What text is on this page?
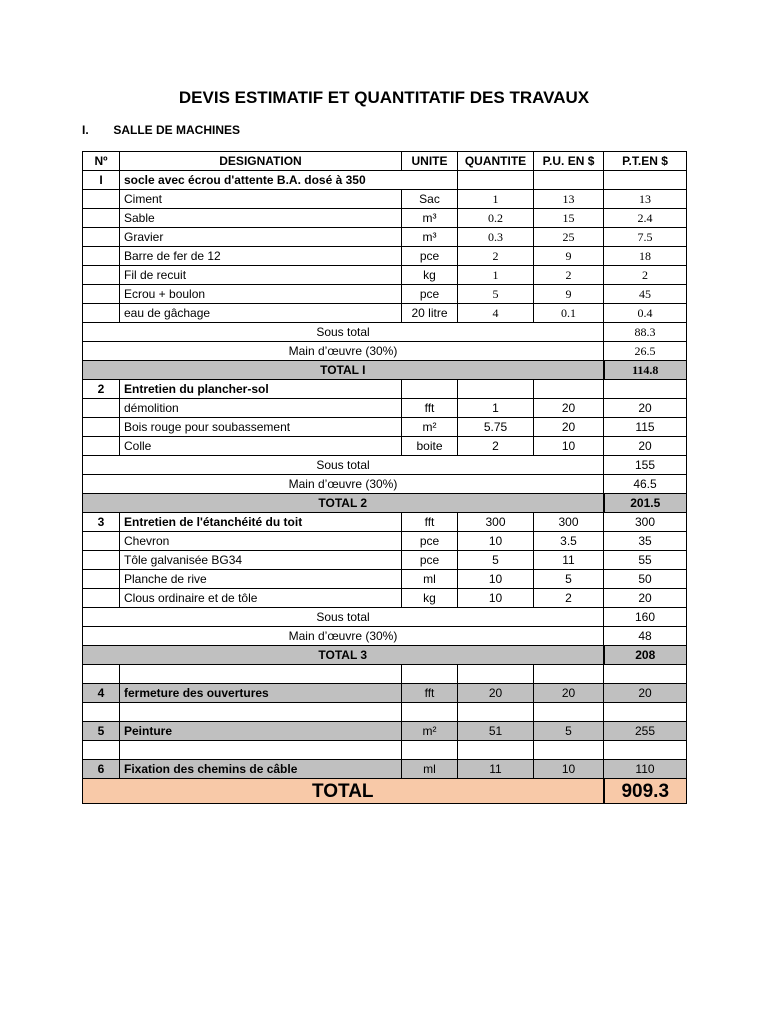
DEVIS ESTIMATIF ET QUANTITATIF DES TRAVAUX
I. SALLE DE MACHINES
Nº	DESIGNATION	UNITE	QUANTITE	P.U. EN $	P.T.EN $
I	socle avec écrou d'attente B.A. dosé à 350				
	Ciment	Sac	1	13	13
	Sable	m³	0.2	15	2.4
	Gravier	m³	0.3	25	7.5
	Barre de fer de 12	pce	2	9	18
	Fil de recuit	kg	1	2	2
	Ecrou + boulon	pce	5	9	45
	eau de gâchage	20 litre	4	0.1	0.4
Sous total					88.3
Main d’œuvre (30%)					26.5
TOTAL I					114.8
2	Entretien du plancher-sol				
	démolition	fft	1	20	20
	Bois rouge pour soubassement	m²	5.75	20	115
	Colle	boite	2	10	20
Sous total					155
Main d’œuvre (30%)					46.5
TOTAL 2					201.5
3	Entretien de l'étanchéité du toit	fft	300	300	300
	Chevron	pce	10	3.5	35
	Tôle galvanisée BG34	pce	5	11	55
	Planche de rive	ml	10	5	50
	Clous ordinaire et de tôle	kg	10	2	20
Sous total					160
Main d’œuvre (30%)					48
TOTAL 3					208

4	fermeture des ouvertures	fft	20	20	20

5	Peinture	m²	51	5	255

6	Fixation des chemins de câble	ml	11	10	110
TOTAL					909.3
